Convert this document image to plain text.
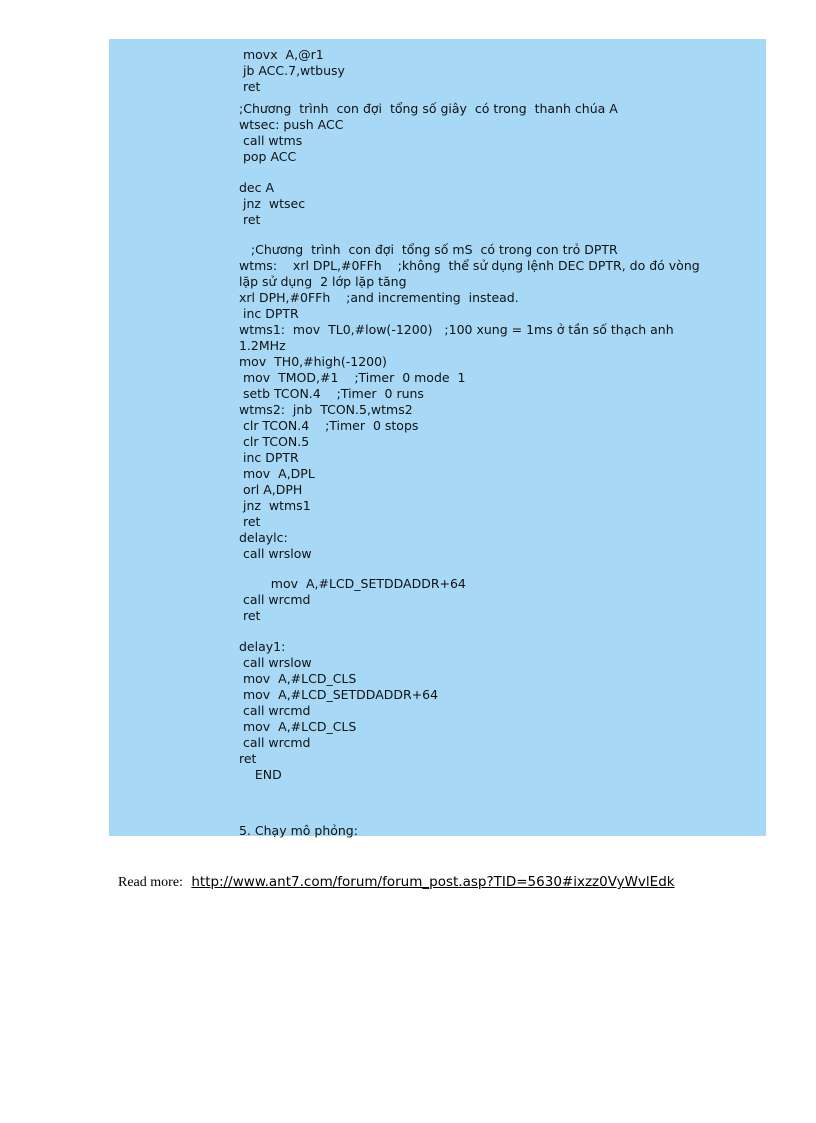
movx  A,@r1
jb ACC.7,wtbusy
ret
;Chương  trình  con đợi  tổng số giây  có trong  thanh chúa A
wtsec: push ACC
call wtms
pop ACC
dec A
jnz  wtsec
ret
;Chương  trình  con đợi  tổng số mS  có trong con trỏ DPTR
wtms:    xrl DPL,#0FFh    ;không  thể sử dụng lệnh DEC DPTR, do đó vòng
lặp sử dụng  2 lớp lặp tăng
xrl DPH,#0FFh    ;and incrementing  instead.
inc DPTR
wtms1:  mov  TL0,#low(-1200)   ;100 xung = 1ms ở tần số thạch anh
1.2MHz
mov  TH0,#high(-1200)
mov  TMOD,#1    ;Timer  0 mode  1
setb TCON.4    ;Timer  0 runs
wtms2:  jnb  TCON.5,wtms2
clr TCON.4    ;Timer  0 stops
clr TCON.5
inc DPTR
mov  A,DPL
orl A,DPH
jnz  wtms1
ret
delaylc:
call wrslow
mov  A,#LCD_SETDDADDR+64
call wrcmd
ret
delay1:
call wrslow
mov  A,#LCD_CLS
mov  A,#LCD_SETDDADDR+64
call wrcmd
mov  A,#LCD_CLS
call wrcmd
ret
END
5. Chạy mô phỏng:
Read more: http://www.ant7.com/forum/forum_post.asp?TID=5630#ixzz0VyWvlEdk
